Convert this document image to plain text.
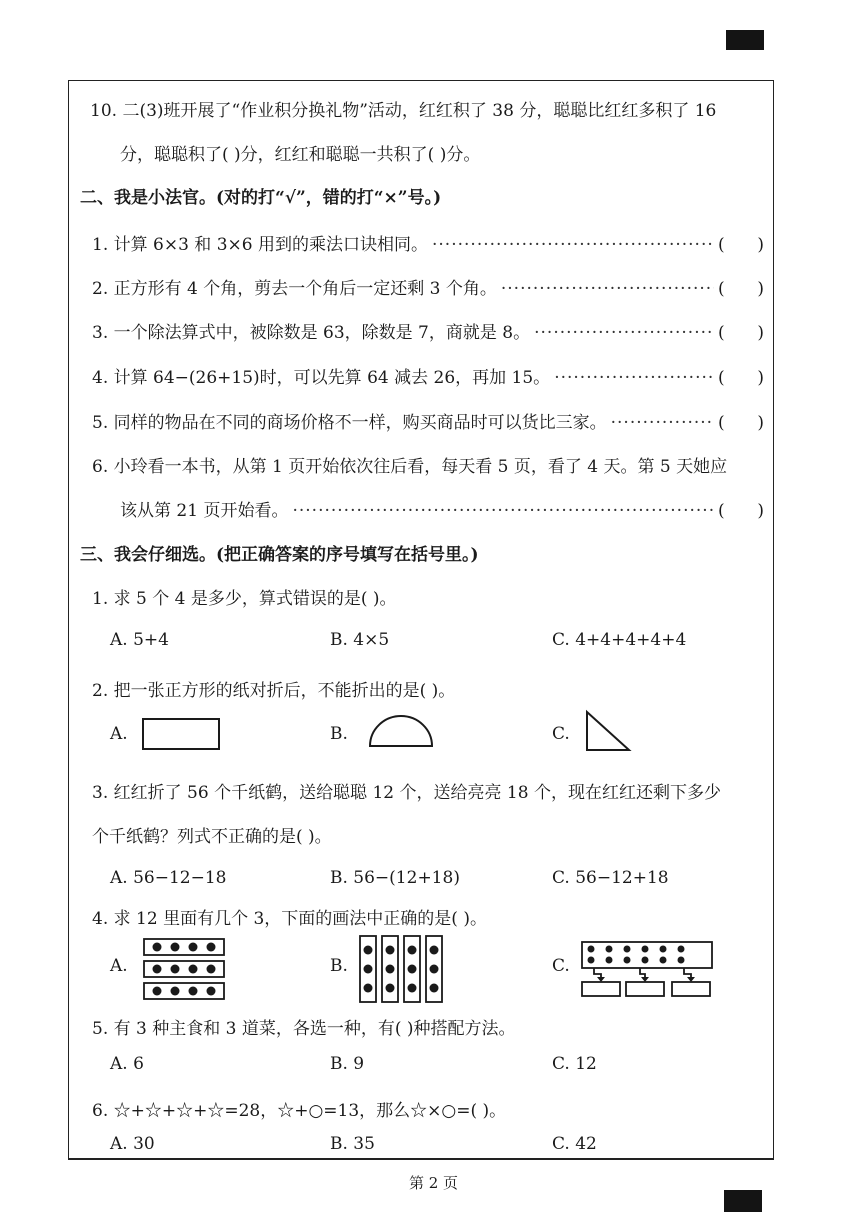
10. 二(3)班开展了“作业积分换礼物”活动，红红积了 38 分，聪聪比红红多积了 16
分，聪聪积了( )分，红红和聪聪一共积了( )分。
二、我是小法官。(对的打“√”，错的打“×”号。)
1. 计算 6×3 和 3×6 用到的乘法口诀相同。 ·····	( )
2. 正方形有 4 个角，剪去一个角后一定还剩 3 个角。 ·····	( )
3. 一个除法算式中，被除数是 63，除数是 7，商就是 8。 ·····	( )
4. 计算 64−(26+15)时，可以先算 64 减去 26，再加 15。 ·····	( )
5. 同样的物品在不同的商场价格不一样，购买商品时可以货比三家。 ·····	( )
6. 小玲看一本书，从第 1 页开始依次往后看，每天看 5 页，看了 4 天。第 5 天她应
该从第 21 页开始看。 ·····	( )
三、我会仔细选。(把正确答案的序号填写在括号里。)
1. 求 5 个 4 是多少，算式错误的是( )。
A. 5+4	B. 4×5	C. 4+4+4+4+4
2. 把一张正方形的纸对折后，不能折出的是( )。
A.	B.	C.
3. 红红折了 56 个千纸鹤，送给聪聪 12 个，送给亮亮 18 个，现在红红还剩下多少
个千纸鹤？列式不正确的是( )。
A. 56−12−18	B. 56−(12+18)	C. 56−12+18
4. 求 12 里面有几个 3，下面的画法中正确的是( )。
A.	B.	C.
5. 有 3 种主食和 3 道菜，各选一种，有( )种搭配方法。
A. 6	B. 9	C. 12
6. ☆+☆+☆+☆=28，☆+○=13，那么☆×○=( )。
A. 30	B. 35	C. 42
第 2 页
